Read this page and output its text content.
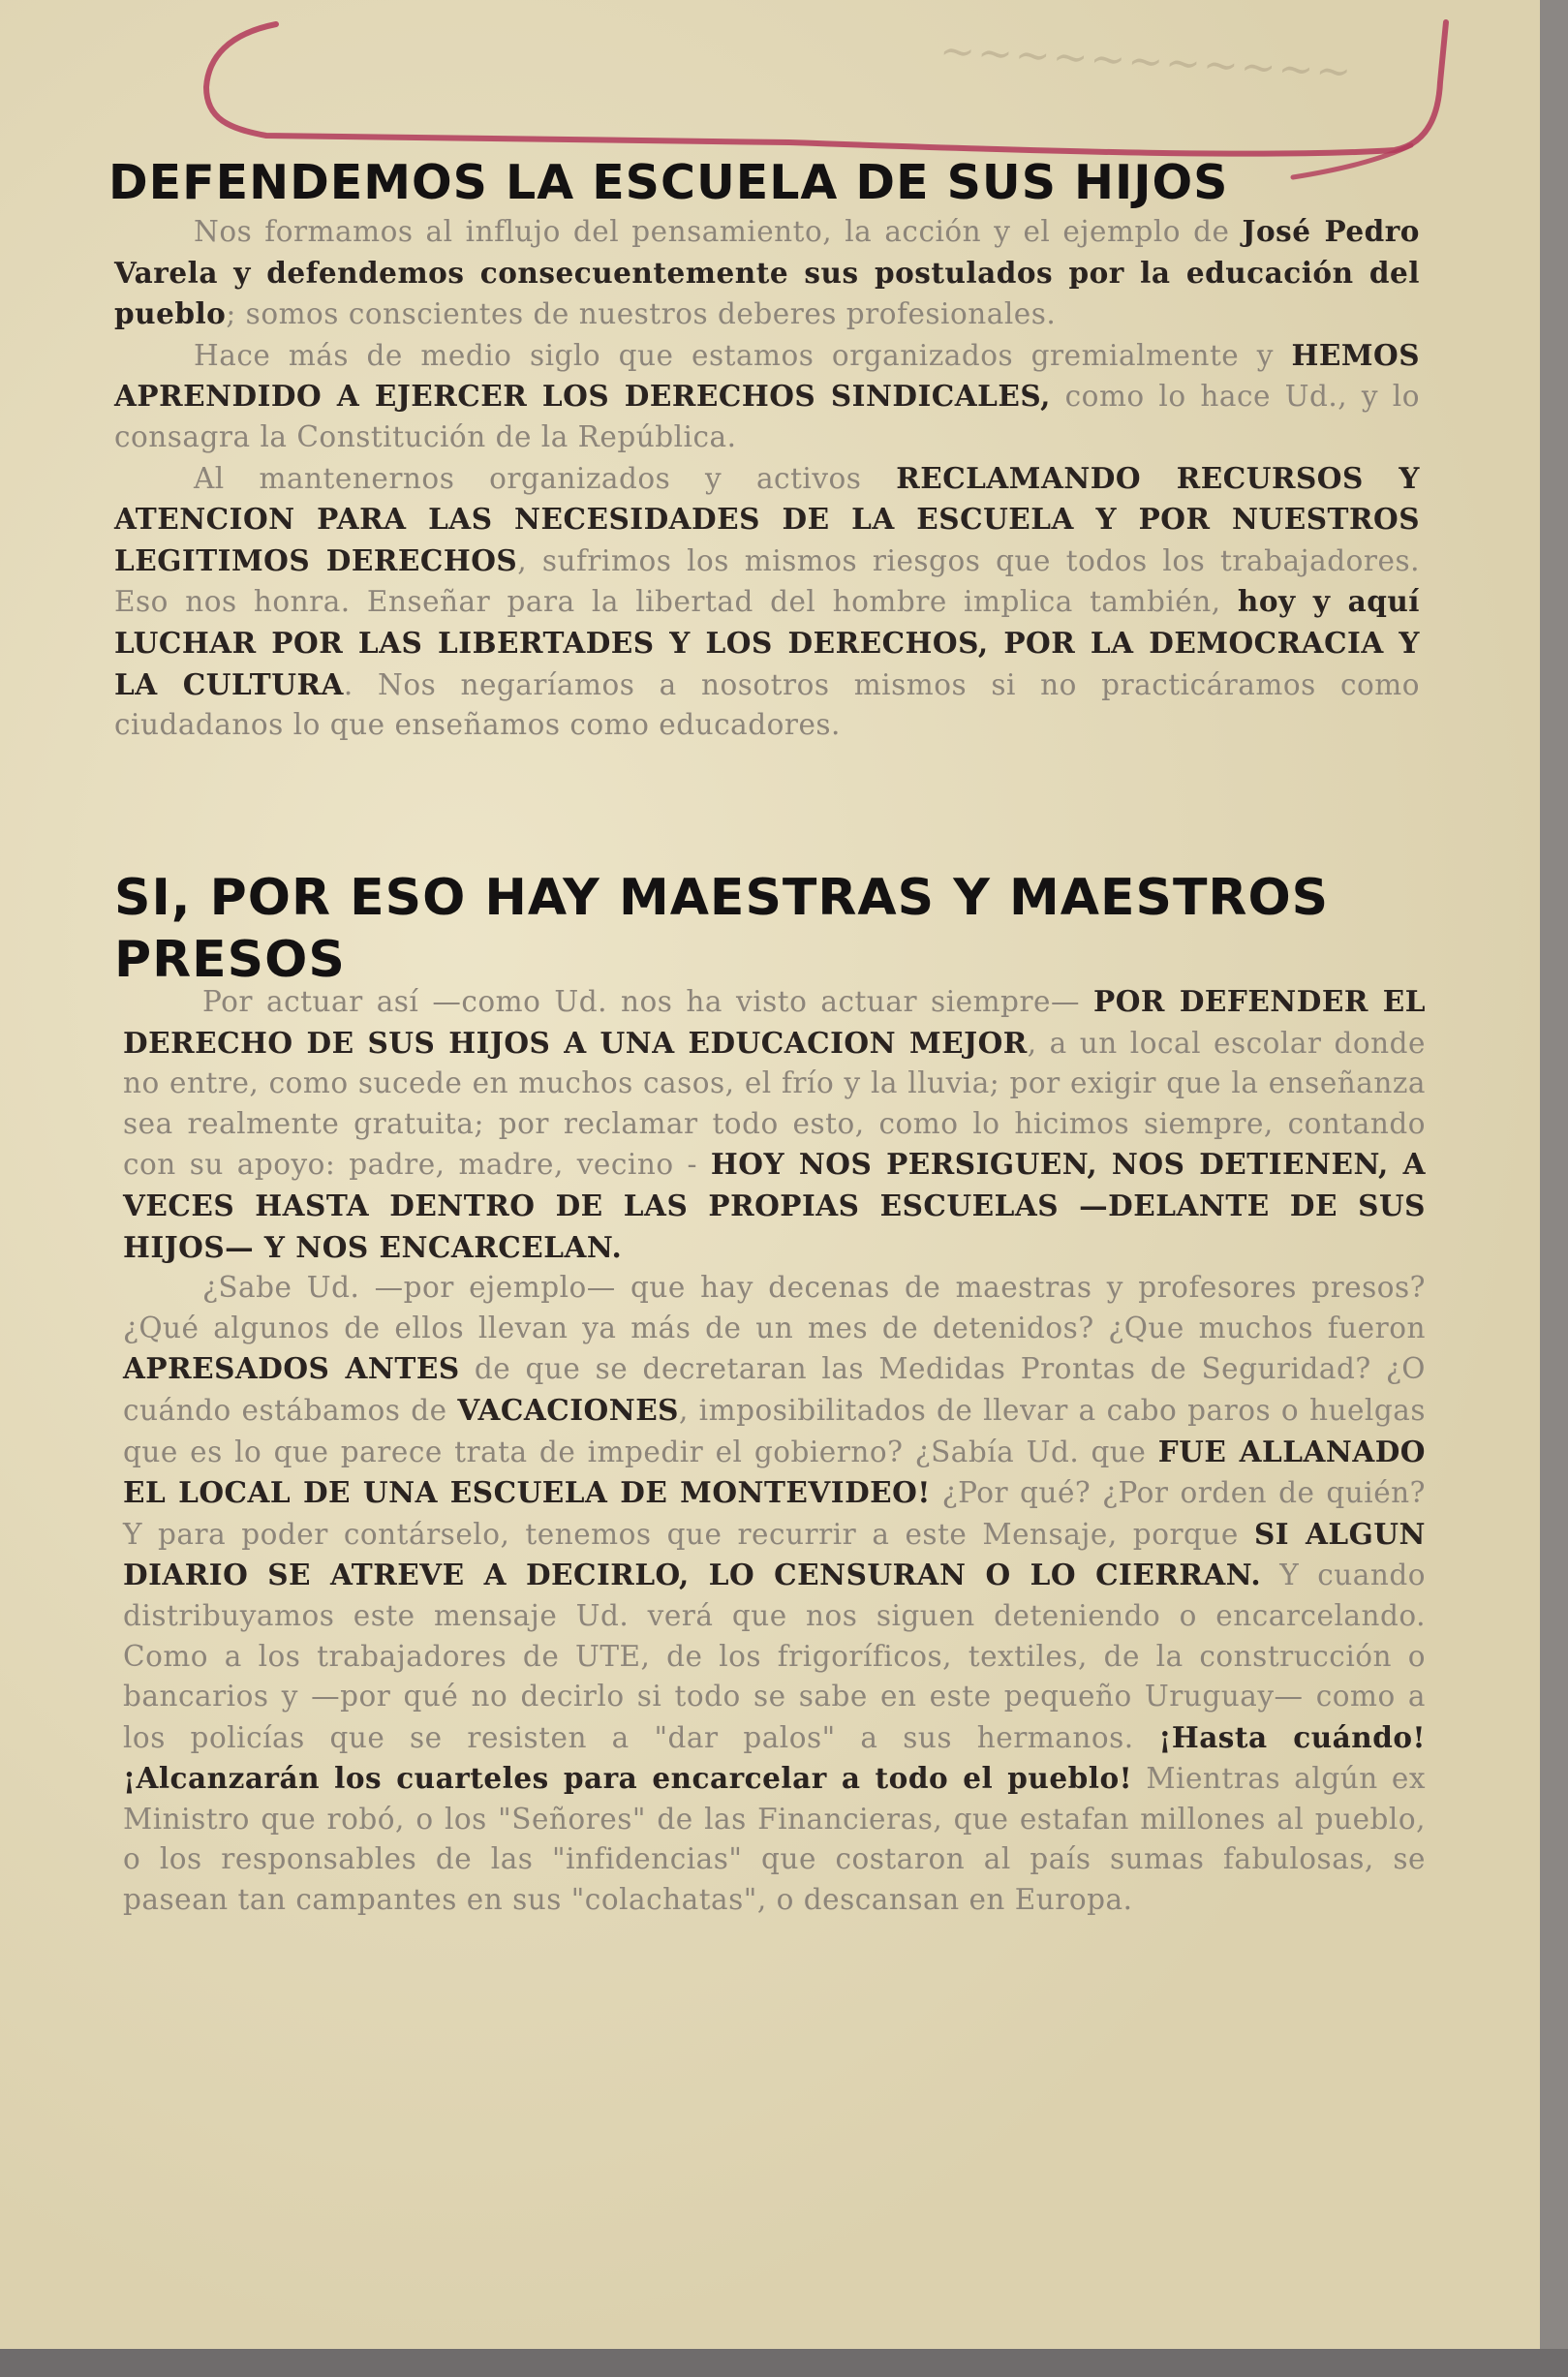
~~~~~~~~~~~
DEFENDEMOS LA ESCUELA DE SUS HIJOS

Nos formamos al influjo del pensamiento, la acción y el ejemplo de José Pedro Varela y defendemos consecuentemente sus postulados por la educación del pueblo; somos conscientes de nuestros deberes profesionales.

Hace más de medio siglo que estamos organizados gremialmente y HEMOS APRENDIDO A EJERCER LOS DERECHOS SINDICALES, como lo hace Ud., y lo consagra la Constitución de la República.

Al mantenernos organizados y activos RECLAMANDO RECURSOS Y ATENCION PARA LAS NECESIDADES DE LA ESCUELA Y POR NUESTROS LEGITIMOS DERECHOS, sufrimos los mismos riesgos que todos los trabajadores. Eso nos honra. Enseñar para la libertad del hombre implica también, hoy y aquí LUCHAR POR LAS LIBERTADES Y LOS DERECHOS, POR LA DEMOCRACIA Y LA CULTURA. Nos negaríamos a nosotros mismos si no practicáramos como ciudadanos lo que enseñamos como educadores.

SI, POR ESO HAY MAESTRAS Y MAESTROS PRESOS

Por actuar así —como Ud. nos ha visto actuar siempre— POR DEFENDER EL DERECHO DE SUS HIJOS A UNA EDUCACION MEJOR, a un local escolar donde no entre, como sucede en muchos casos, el frío y la lluvia; por exigir que la enseñanza sea realmente gratuita; por reclamar todo esto, como lo hicimos siempre, contando con su apoyo: padre, madre, vecino - HOY NOS PERSIGUEN, NOS DETIENEN, A VECES HASTA DENTRO DE LAS PROPIAS ESCUELAS —DELANTE DE SUS HIJOS— Y NOS ENCARCELAN.

¿Sabe Ud. —por ejemplo— que hay decenas de maestras y profesores presos? ¿Qué algunos de ellos llevan ya más de un mes de detenidos? ¿Que muchos fueron APRESADOS ANTES de que se decretaran las Medidas Prontas de Seguridad? ¿O cuándo estábamos de VACACIONES, imposibilitados de llevar a cabo paros o huelgas que es lo que parece trata de impedir el gobierno? ¿Sabía Ud. que FUE ALLANADO EL LOCAL DE UNA ESCUELA DE MONTEVIDEO! ¿Por qué? ¿Por orden de quién? Y para poder contárselo, tenemos que recurrir a este Mensaje, porque SI ALGUN DIARIO SE ATREVE A DECIRLO, LO CENSURAN O LO CIERRAN. Y cuando distribuyamos este mensaje Ud. verá que nos siguen deteniendo o encarcelando. Como a los trabajadores de UTE, de los frigoríficos, textiles, de la construcción o bancarios y —por qué no decirlo si todo se sabe en este pequeño Uruguay— como a los policías que se resisten a "dar palos" a sus hermanos. ¡Hasta cuándo! ¡Alcanzarán los cuarteles para encarcelar a todo el pueblo! Mientras algún ex Ministro que robó, o los "Señores" de las Financieras, que estafan millones al pueblo, o los responsables de las "infidencias" que costaron al país sumas fabulosas, se pasean tan campantes en sus "colachatas", o descansan en Europa.
